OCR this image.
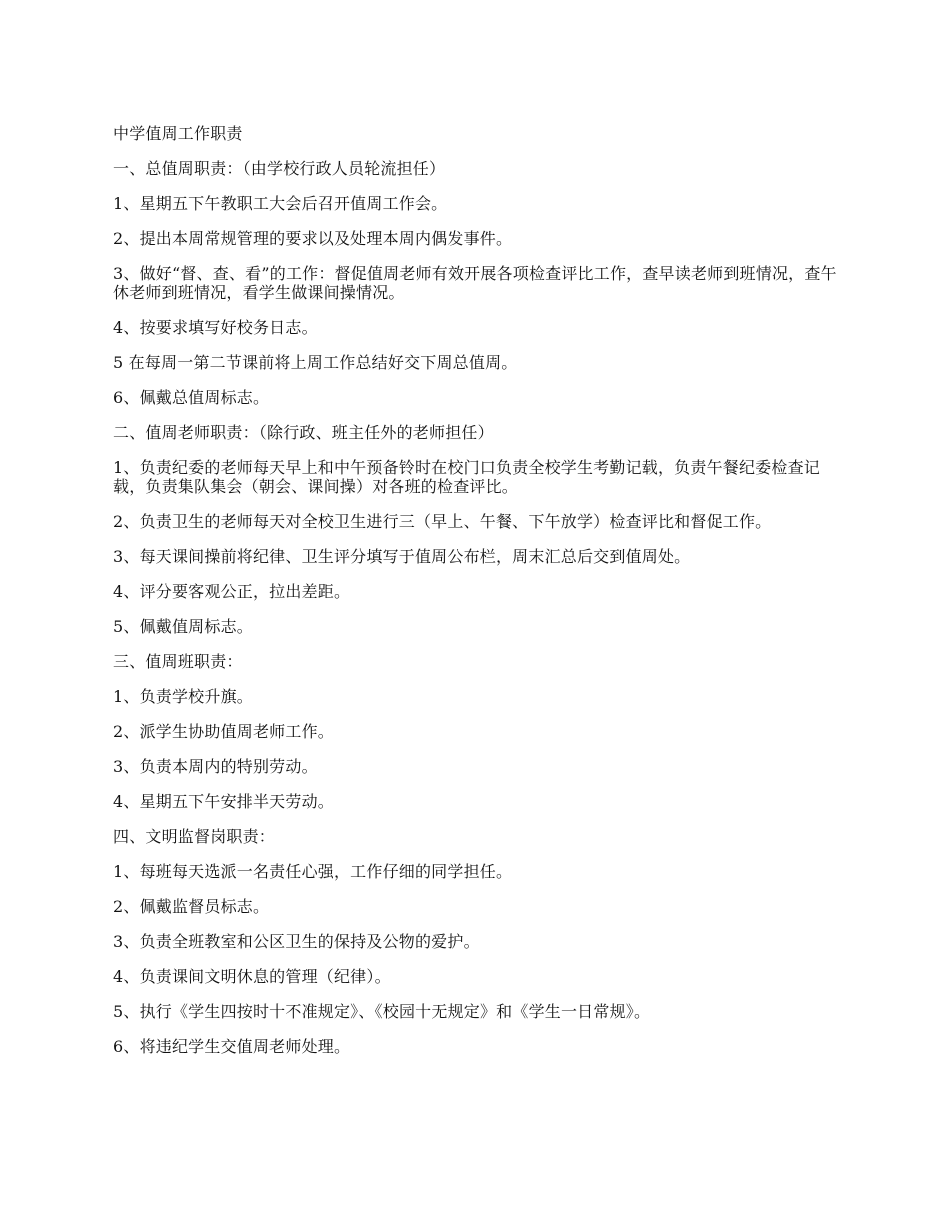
中学值周工作职责

一、总值周职责：（由学校行政人员轮流担任）

1、星期五下午教职工大会后召开值周工作会。

2、提出本周常规管理的要求以及处理本周内偶发事件。

3、做好“督、查、看”的工作：督促值周老师有效开展各项检查评比工作，查早读老师到班情况，查午休老师到班情况，看学生做课间操情况。

4、按要求填写好校务日志。

5 在每周一第二节课前将上周工作总结好交下周总值周。

6、佩戴总值周标志。

二、值周老师职责：（除行政、班主任外的老师担任）

1、负责纪委的老师每天早上和中午预备铃时在校门口负责全校学生考勤记载，负责午餐纪委检查记载，负责集队集会（朝会、课间操）对各班的检查评比。

2、负责卫生的老师每天对全校卫生进行三（早上、午餐、下午放学）检查评比和督促工作。

3、每天课间操前将纪律、卫生评分填写于值周公布栏，周末汇总后交到值周处。

4、评分要客观公正，拉出差距。

5、佩戴值周标志。

三、值周班职责：

1、负责学校升旗。

2、派学生协助值周老师工作。

3、负责本周内的特别劳动。

4、星期五下午安排半天劳动。

四、文明监督岗职责：

1、每班每天选派一名责任心强，工作仔细的同学担任。

2、佩戴监督员标志。

3、负责全班教室和公区卫生的保持及公物的爱护。

4、负责课间文明休息的管理（纪律）。

5、执行《学生四按时十不准规定》、《校园十无规定》和《学生一日常规》。

6、将违纪学生交值周老师处理。
